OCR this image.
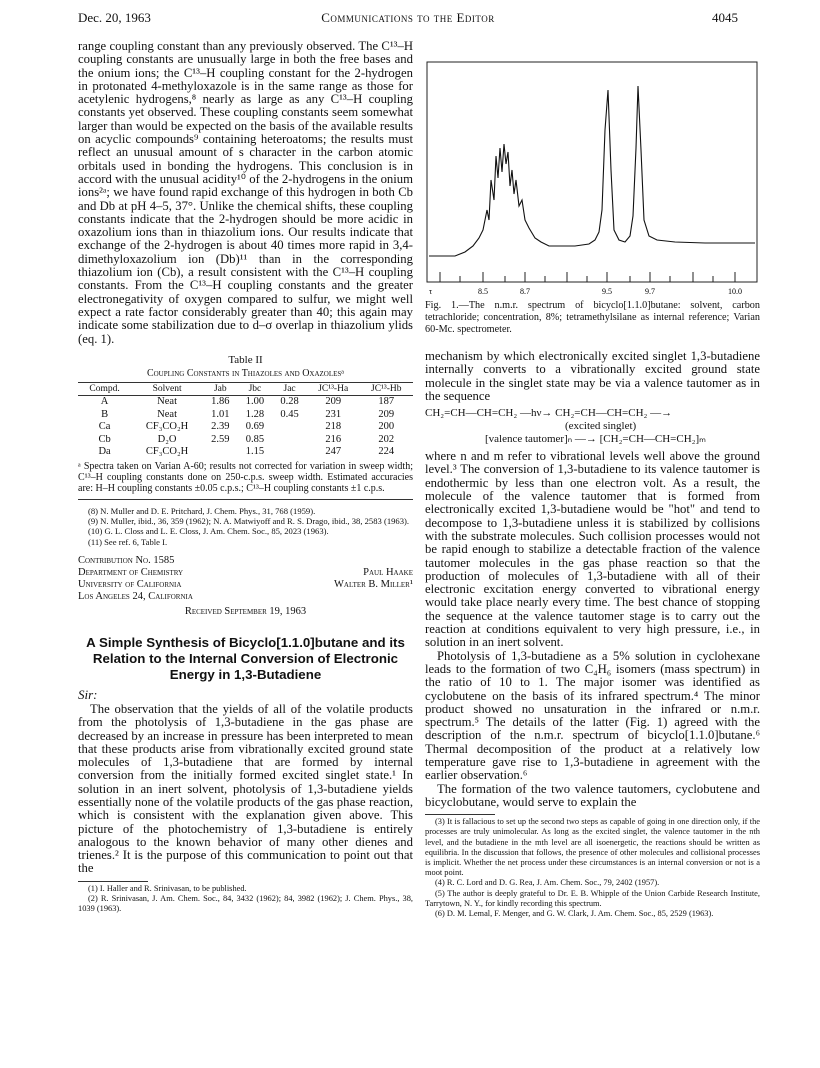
Dec. 20, 1963	Communications to the Editor	4045

range coupling constant than any previously observed. The C¹³–H coupling constants are unusually large in both the free bases and the onium ions; the C¹³–H coupling constant for the 2-hydrogen in protonated 4-methyloxazole is in the same range as those for acetylenic hydrogens,⁸ nearly as large as any C¹³–H coupling constants yet observed. These coupling constants seem somewhat larger than would be expected on the basis of the available results on acyclic compounds⁹ containing heteroatoms; the results must reflect an unusual amount of s character in the carbon atomic orbitals used in bonding the hydrogens. This conclusion is in accord with the unusual acidity¹⁰ of the 2-hydrogens in the onium ions²ᵃ; we have found rapid exchange of this hydrogen in both Cb and Db at pH 4–5, 37°. Unlike the chemical shifts, these coupling constants indicate that the 2-hydrogen should be more acidic in oxazolium ions than in thiazolium ions. Our results indicate that exchange of the 2-hydrogen is about 40 times more rapid in 3,4-dimethyloxazolium ion (Db)¹¹ than in the corresponding thiazolium ion (Cb), a result consistent with the C¹³–H coupling constants. From the C¹³–H coupling constants and the greater electronegativity of oxygen compared to sulfur, we might well expect a rate factor considerably greater than 40; this again may indicate some stabilization due to d–σ overlap in thiazolium ylids (eq. 1).

Table II
Coupling Constants in Thiazoles and Oxazolesᵃ
Compd.	Solvent	Jab	Jbc	Jac	JC¹³-Ha	JC¹³-Hb
A	Neat	1.86	1.00	0.28	209	187
B	Neat	1.01	1.28	0.45	231	209
Ca	CF₃CO₂H	2.39	0.69		218	200
Cb	D₂O	2.59	0.85		216	202
Da	CF₃CO₂H		1.15		247	224
ᵃ Spectra taken on Varian A-60; results not corrected for variation in sweep width; C¹³–H coupling constants done on 250-c.p.s. sweep width. Estimated accuracies are: H–H coupling constants ±0.05 c.p.s.; C¹³–H coupling constants ±1 c.p.s.
(8) N. Muller and D. E. Pritchard, J. Chem. Phys., 31, 768 (1959).
(9) N. Muller, ibid., 36, 359 (1962); N. A. Matwiyoff and R. S. Drago, ibid., 38, 2583 (1963).
(10) G. L. Closs and L. E. Closs, J. Am. Chem. Soc., 85, 2023 (1963).
(11) See ref. 6, Table I.
Contribution No. 1585
Department of Chemistry
University of California
Los Angeles 24, California
Paul Haake
Walter B. Miller¹
Received September 19, 1963
A Simple Synthesis of Bicyclo[1.1.0]butane and its Relation to the Internal Conversion of Electronic Energy in 1,3-Butadiene
Sir:

The observation that the yields of all of the volatile products from the photolysis of 1,3-butadiene in the gas phase are decreased by an increase in pressure has been interpreted to mean that these products arise from vibrationally excited ground state molecules of 1,3-butadiene that are formed by internal conversion from the initially formed excited singlet state.¹ In solution in an inert solvent, photolysis of 1,3-butadiene yields essentially none of the volatile products of the gas phase reaction, which is consistent with the explanation given above. This picture of the photochemistry of 1,3-butadiene is entirely analogous to the known behavior of many other dienes and trienes.² It is the purpose of this communication to point out that the

(1) I. Haller and R. Srinivasan, to be published.
(2) R. Srinivasan, J. Am. Chem. Soc., 84, 3432 (1962); 84, 3982 (1962); J. Chem. Phys., 38, 1039 (1963).
τ	8.5	8.7	9.5	9.7	10.0
Fig. 1.—The n.m.r. spectrum of bicyclo[1.1.0]butane: solvent, carbon tetrachloride; concentration, 8%; tetramethylsilane as internal reference; Varian 60-Mc. spectrometer.

mechanism by which electronically excited singlet 1,3-butadiene internally converts to a vibrationally excited ground state molecule in the singlet state may be via a valence tautomer as in the sequence

CH₂=CH—CH=CH₂ —hν→ CH₂=CH—CH=CH₂ —→
(excited singlet)
[valence tautomer]ₙ —→ [CH₂=CH—CH=CH₂]ₘ

where n and m refer to vibrational levels well above the ground level.³ The conversion of 1,3-butadiene to its valence tautomer is endothermic by less than one electron volt. As a result, the molecule of the valence tautomer that is formed from electronically excited 1,3-butadiene would be "hot" and tend to decompose to 1,3-butadiene unless it is stabilized by collisions with the substrate molecules. Such collision processes would not be rapid enough to stabilize a detectable fraction of the valence tautomer molecules in the gas phase reaction so that the production of molecules of 1,3-butadiene with all of their electronic excitation energy converted to vibrational energy would take place nearly every time. The best chance of stopping the sequence at the valence tautomer stage is to carry out the reaction at conditions equivalent to very high pressure, i.e., in solution in an inert solvent.

Photolysis of 1,3-butadiene as a 5% solution in cyclohexane leads to the formation of two C₄H₆ isomers (mass spectrum) in the ratio of 10 to 1. The major isomer was identified as cyclobutene on the basis of its infrared spectrum.⁴ The minor product showed no unsaturation in the infrared or n.m.r. spectrum.⁵ The details of the latter (Fig. 1) agreed with the description of the n.m.r. spectrum of bicyclo[1.1.0]butane.⁶ Thermal decomposition of the product at a relatively low temperature gave rise to 1,3-butadiene in agreement with the earlier observation.⁶

The formation of the two valence tautomers, cyclobutene and bicyclobutane, would serve to explain the

(3) It is fallacious to set up the second two steps as capable of going in one direction only, if the processes are truly unimolecular. As long as the excited singlet, the valence tautomer in the nth level, and the butadiene in the mth level are all isoenergetic, the reactions should be written as equilibria. In the discussion that follows, the presence of other molecules and collisional processes is implicit. Whether the net process under these circumstances is an internal conversion or not is a moot point.
(4) R. C. Lord and D. G. Rea, J. Am. Chem. Soc., 79, 2402 (1957).
(5) The author is deeply grateful to Dr. E. B. Whipple of the Union Carbide Research Institute, Tarrytown, N. Y., for kindly recording this spectrum.
(6) D. M. Lemal, F. Menger, and G. W. Clark, J. Am. Chem. Soc., 85, 2529 (1963).
